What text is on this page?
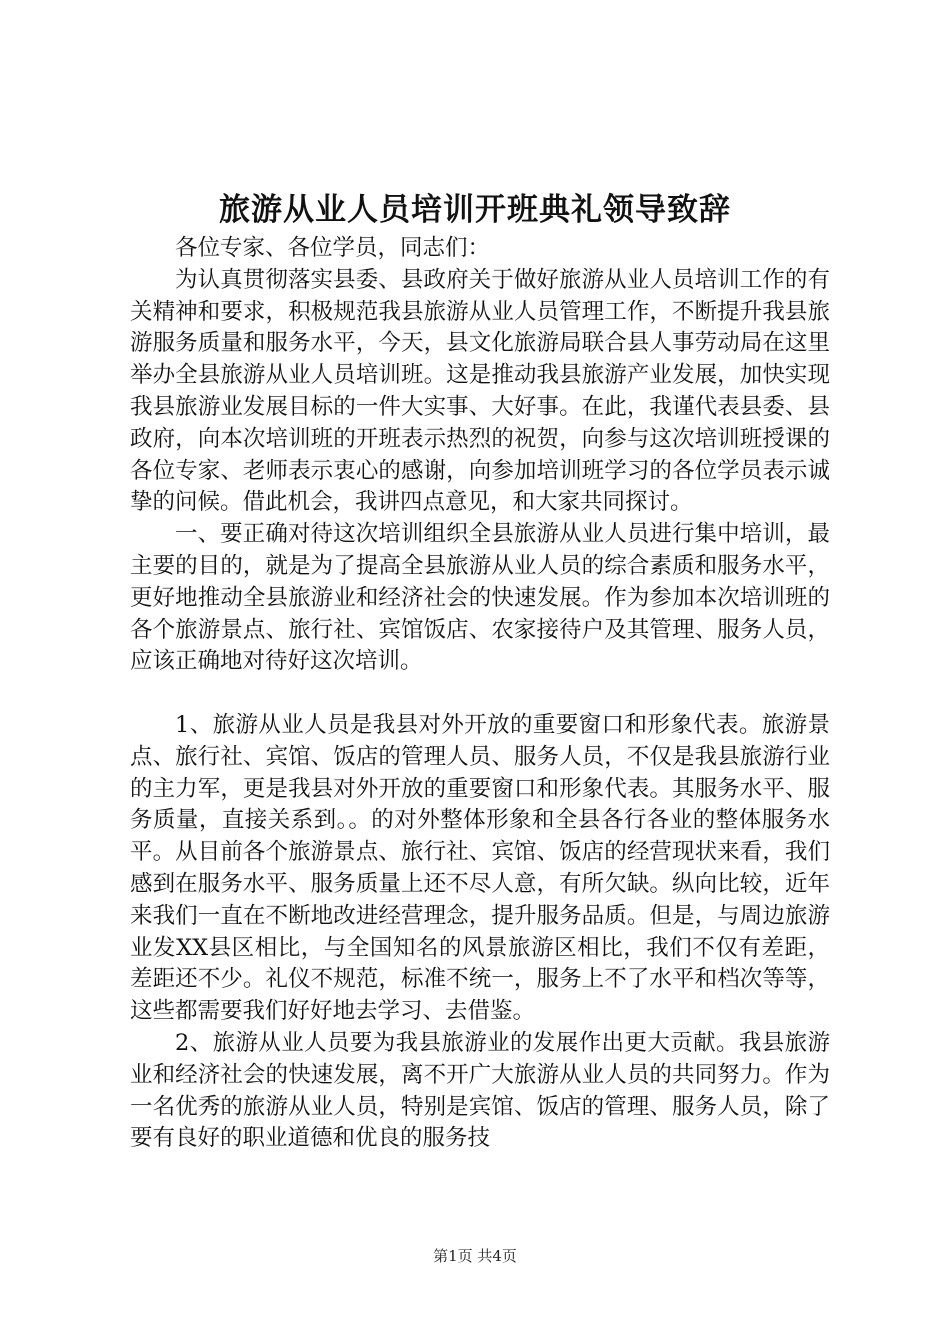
旅游从业人员培训开班典礼领导致辞

各位专家、各位学员，同志们：

为认真贯彻落实县委、县政府关于做好旅游从业人员培训工作的有关精神和要求，积极规范我县旅游从业人员管理工作，不断提升我县旅游服务质量和服务水平，今天，县文化旅游局联合县人事劳动局在这里举办全县旅游从业人员培训班。这是推动我县旅游产业发展，加快实现我县旅游业发展目标的一件大实事、大好事。在此，我谨代表县委、县政府，向本次培训班的开班表示热烈的祝贺，向参与这次培训班授课的各位专家、老师表示衷心的感谢，向参加培训班学习的各位学员表示诚挚的问候。借此机会，我讲四点意见，和大家共同探讨。

一、要正确对待这次培训组织全县旅游从业人员进行集中培训，最主要的目的，就是为了提高全县旅游从业人员的综合素质和服务水平，更好地推动全县旅游业和经济社会的快速发展。作为参加本次培训班的各个旅游景点、旅行社、宾馆饭店、农家接待户及其管理、服务人员，应该正确地对待好这次培训。

1、旅游从业人员是我县对外开放的重要窗口和形象代表。旅游景点、旅行社、宾馆、饭店的管理人员、服务人员，不仅是我县旅游行业的主力军，更是我县对外开放的重要窗口和形象代表。其服务水平、服务质量，直接关系到。。的对外整体形象和全县各行各业的整体服务水平。从目前各个旅游景点、旅行社、宾馆、饭店的经营现状来看，我们感到在服务水平、服务质量上还不尽人意，有所欠缺。纵向比较，近年来我们一直在不断地改进经营理念，提升服务品质。但是，与周边旅游业发XX县区相比，与全国知名的风景旅游区相比，我们不仅有差距，差距还不少。礼仪不规范，标准不统一，服务上不了水平和档次等等，这些都需要我们好好地去学习、去借鉴。

2、旅游从业人员要为我县旅游业的发展作出更大贡献。我县旅游业和经济社会的快速发展，离不开广大旅游从业人员的共同努力。作为一名优秀的旅游从业人员，特别是宾馆、饭店的管理、服务人员，除了要有良好的职业道德和优良的服务技

第1页 共4页
